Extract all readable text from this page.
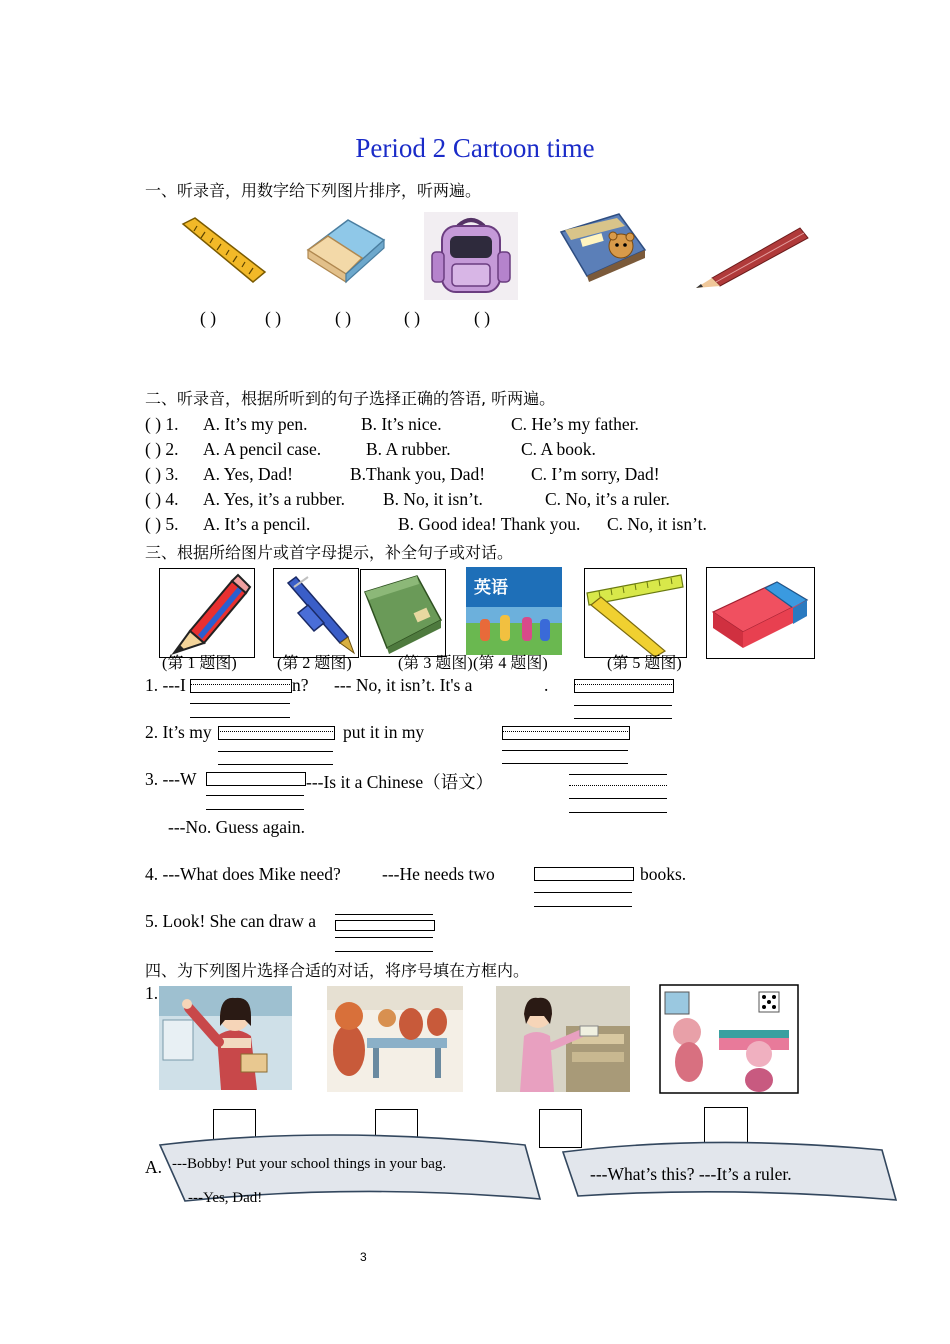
Period 2 Cartoon time
一、听录音，用数字给下列图片排序，听两遍。
( )	( )	( )	( )	( )
二、听录音，根据所听到的句子选择正确的答语, 听两遍。
( ) 1. A. It’s my pen.	B. It’s nice.	C. He’s my father.
( ) 2. A. A pencil case.	B. A rubber.	C. A book.
( ) 3. A. Yes, Dad!	B.Thank you, Dad!	C. I’m sorry, Dad!
( ) 4. A. Yes, it’s a rubber. B. No, it isn’t.	C. No, it’s a ruler.
( ) 5. A. It’s a pencil.	B. Good idea! Thank you. C. No, it isn’t.
三、根据所给图片或首字母提示，补全句子或对话。
英语
(第 1 题图)	(第 2 题图)	(第 3 题图) (第 4 题图)	(第 5 题图)
1. ---I	n? --- No, it isn’t. It's a	.
2. It’s my	put it in my
3. ---W	---Is it a Chinese（语文）
---No. Guess again.
4. ---What does Mike need? ---He needs two	books.
5. Look! She can draw a
四、为下列图片选择合适的对话，将序号填在方框内。
1.
A. ---Bobby! Put your school things in your bag.
---Yes, Dad!
---What’s this? ---It’s a ruler.
3
